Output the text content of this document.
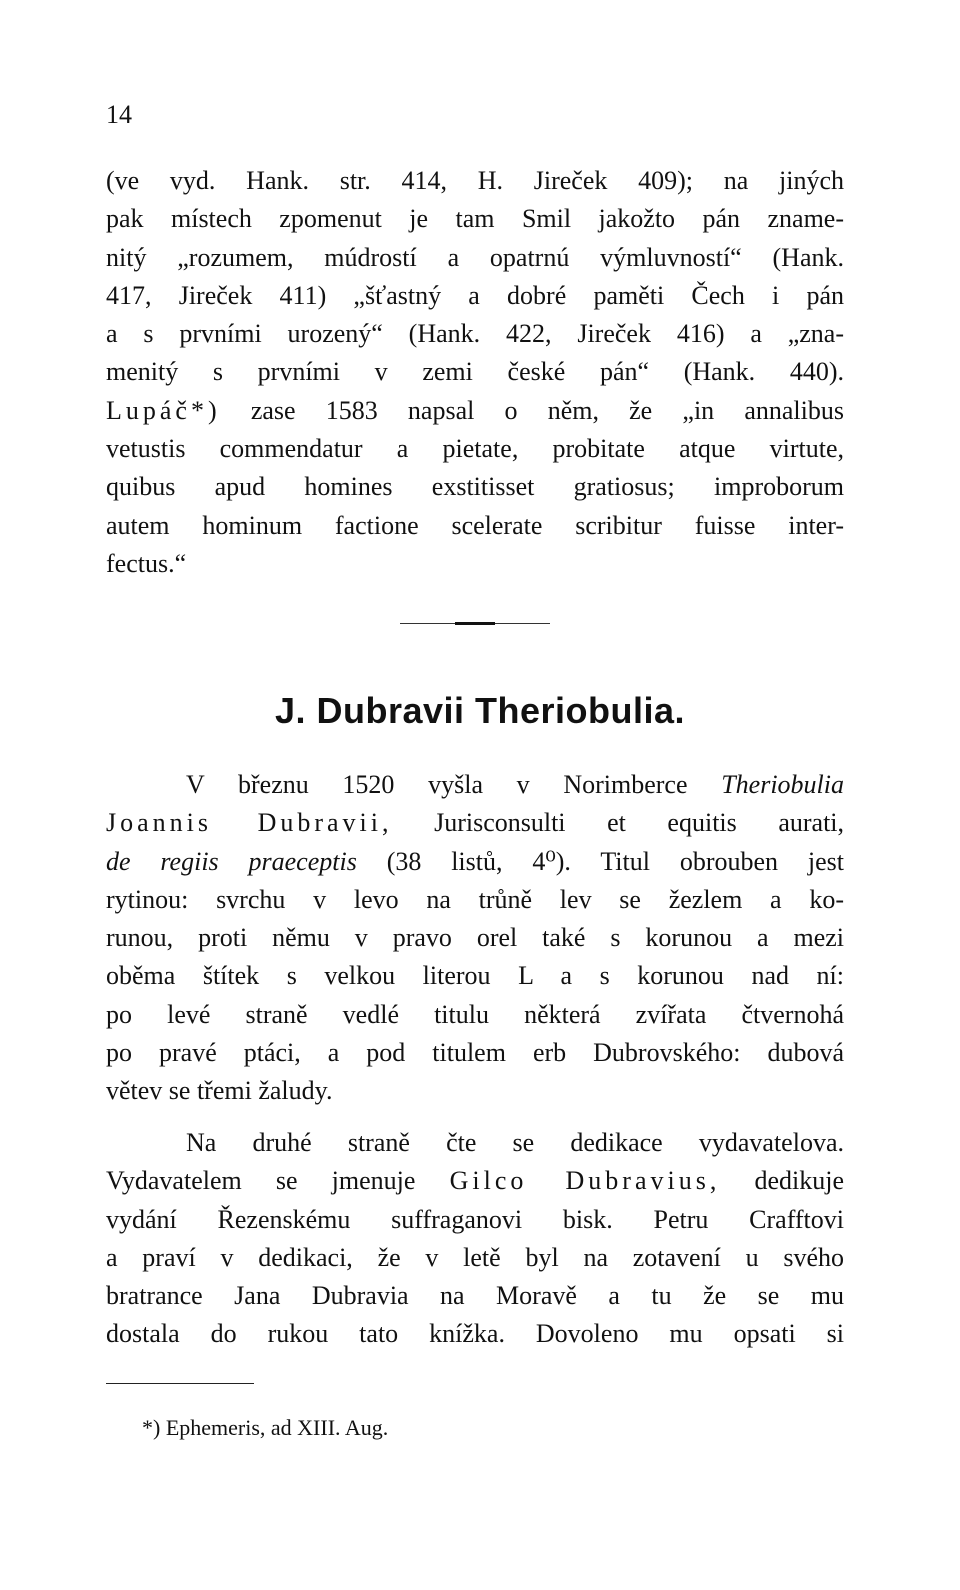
14
(ve vyd. Hank. str. 414, H. Jireček 409); na jiných
pak místech zpomenut je tam Smil jakožto pán zname-
nitý „rozumem, múdrostí a opatrnú výmluvností“ (Hank.
417, Jireček 411) „šťastný a dobré paměti Čech i pán
a s prvními urozený“ (Hank. 422, Jireček 416) a „zna-
menitý s prvními v zemi české pán“ (Hank. 440).
Lupáč*) zase 1583 napsal o něm, že „in annalibus
vetustis commendatur a pietate, probitate atque virtute,
quibus apud homines exstitisset gratiosus; improborum
autem hominum factione scelerate scribitur fuisse inter-
fectus.“
J. Dubravii Theriobulia.
V březnu 1520 vyšla v Norimberce Theriobulia
Joannis Dubravii, Jurisconsulti et equitis aurati,
de regiis praeceptis (38 listů, 4⁰). Titul obrouben jest
rytinou: svrchu v levo na trůně lev se žezlem a ko-
runou, proti němu v pravo orel také s korunou a mezi
oběma štítek s velkou literou L a s korunou nad ní:
po levé straně vedlé titulu některá zvířata čtvernohá
po pravé ptáci, a pod titulem erb Dubrovského: dubová
větev se třemi žaludy.
Na druhé straně čte se dedikace vydavatelova.
Vydavatelem se jmenuje Gilco Dubravius, dedikuje
vydání Řezenskému suffraganovi bisk. Petru Crafftovi
a praví v dedikaci, že v letě byl na zotavení u svého
bratrance Jana Dubravia na Moravě a tu že se mu
dostala do rukou tato knížka. Dovoleno mu opsati si
*) Ephemeris, ad XIII. Aug.
